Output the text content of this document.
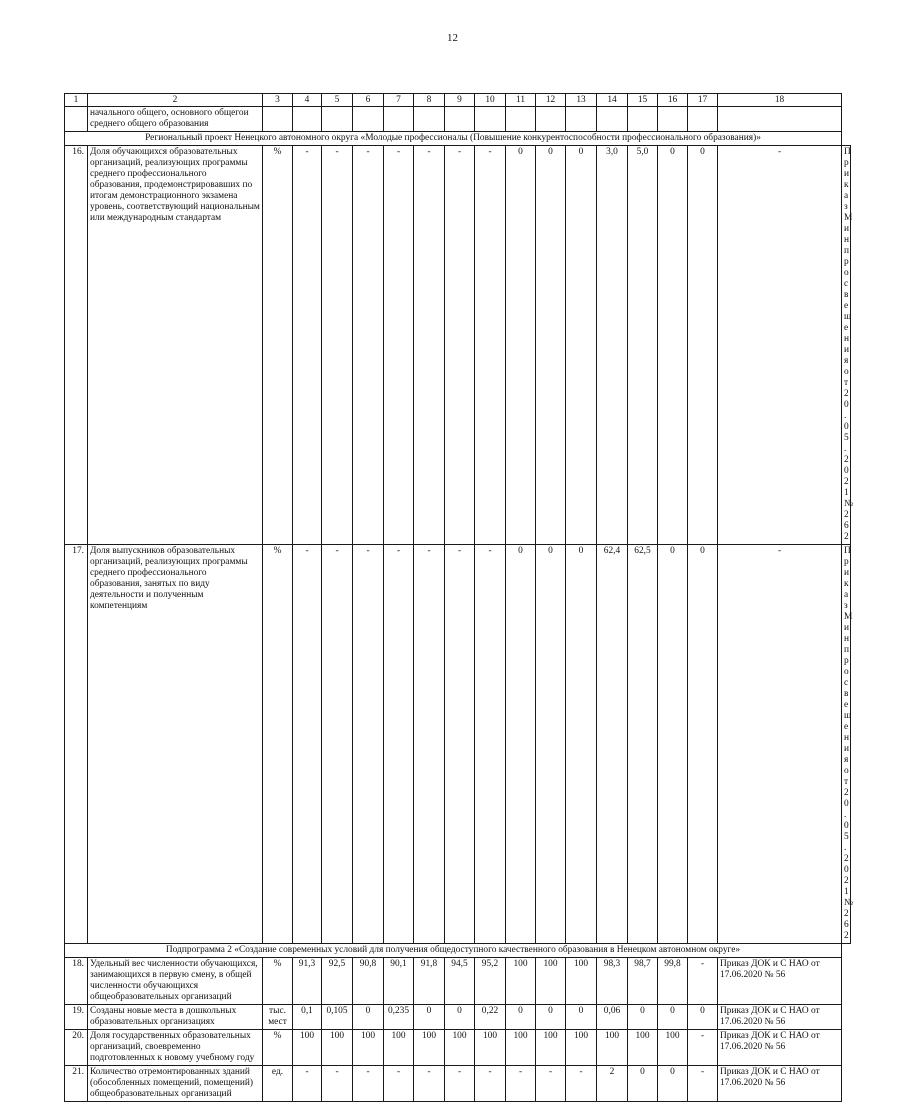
12
1	2	3	4	5	6	7	8	9	10	11	12	13	14	15	16	17	18	
	начального общего, основного общегои среднего общего образования																	
Региональный проект Ненецкого автономного округа «Молодые профессионалы (Повышение конкурентоспособности профессионального образования)»																		
16.	Доля обучающихся образовательных организаций, реализующих программы среднего профессионального образования, продемонстрировавших по итогам демонстрационного экзамена уровень, соответствующий национальным или международным стандартам	%	-	-	-	-	-	-	-	0	0	0	3,0	5,0	0	0	-	Приказ Минпросвещения от 20.05.2021 № 262
17.	Доля выпускников образовательных организаций, реализующих программы среднего профессионального образования, занятых по виду деятельности и полученным компетенциям	%	-	-	-	-	-	-	-	0	0	0	62,4	62,5	0	0	-	Приказ Минпросвещения от 20.05.2021 № 262
Подпрограмма 2 «Создание современных условий для получения общедоступного качественного образования в Ненецком автономном округе»																		
18.	Удельный вес численности обучающихся, занимающихся в первую смену, в общей численности обучающихся общеобразовательных организаций	%	91,3	92,5	90,8	90,1	91,8	94,5	95,2	100	100	100	98,3	98,7	99,8	-	Приказ ДОК и С НАО от 17.06.2020 № 56	
19.	Созданы новые места в дошкольных образовательных организациях	тыс. мест	0,1	0,105	0	0,235	0	0	0,22	0	0	0	0,06	0	0	0	Приказ ДОК и С НАО от 17.06.2020 № 56	
20.	Доля государственных образовательных организаций, своевременно подготовленных к новому учебному году	%	100	100	100	100	100	100	100	100	100	100	100	100	100	-	Приказ ДОК и С НАО от 17.06.2020 № 56	
21.	Количество отремонтированных зданий (обособленных помещений, помещений) общеобразовательных организаций	ед.	-	-	-	-	-	-	-	-	-	-	2	0	0	-	Приказ ДОК и С НАО от 17.06.2020 № 56	
